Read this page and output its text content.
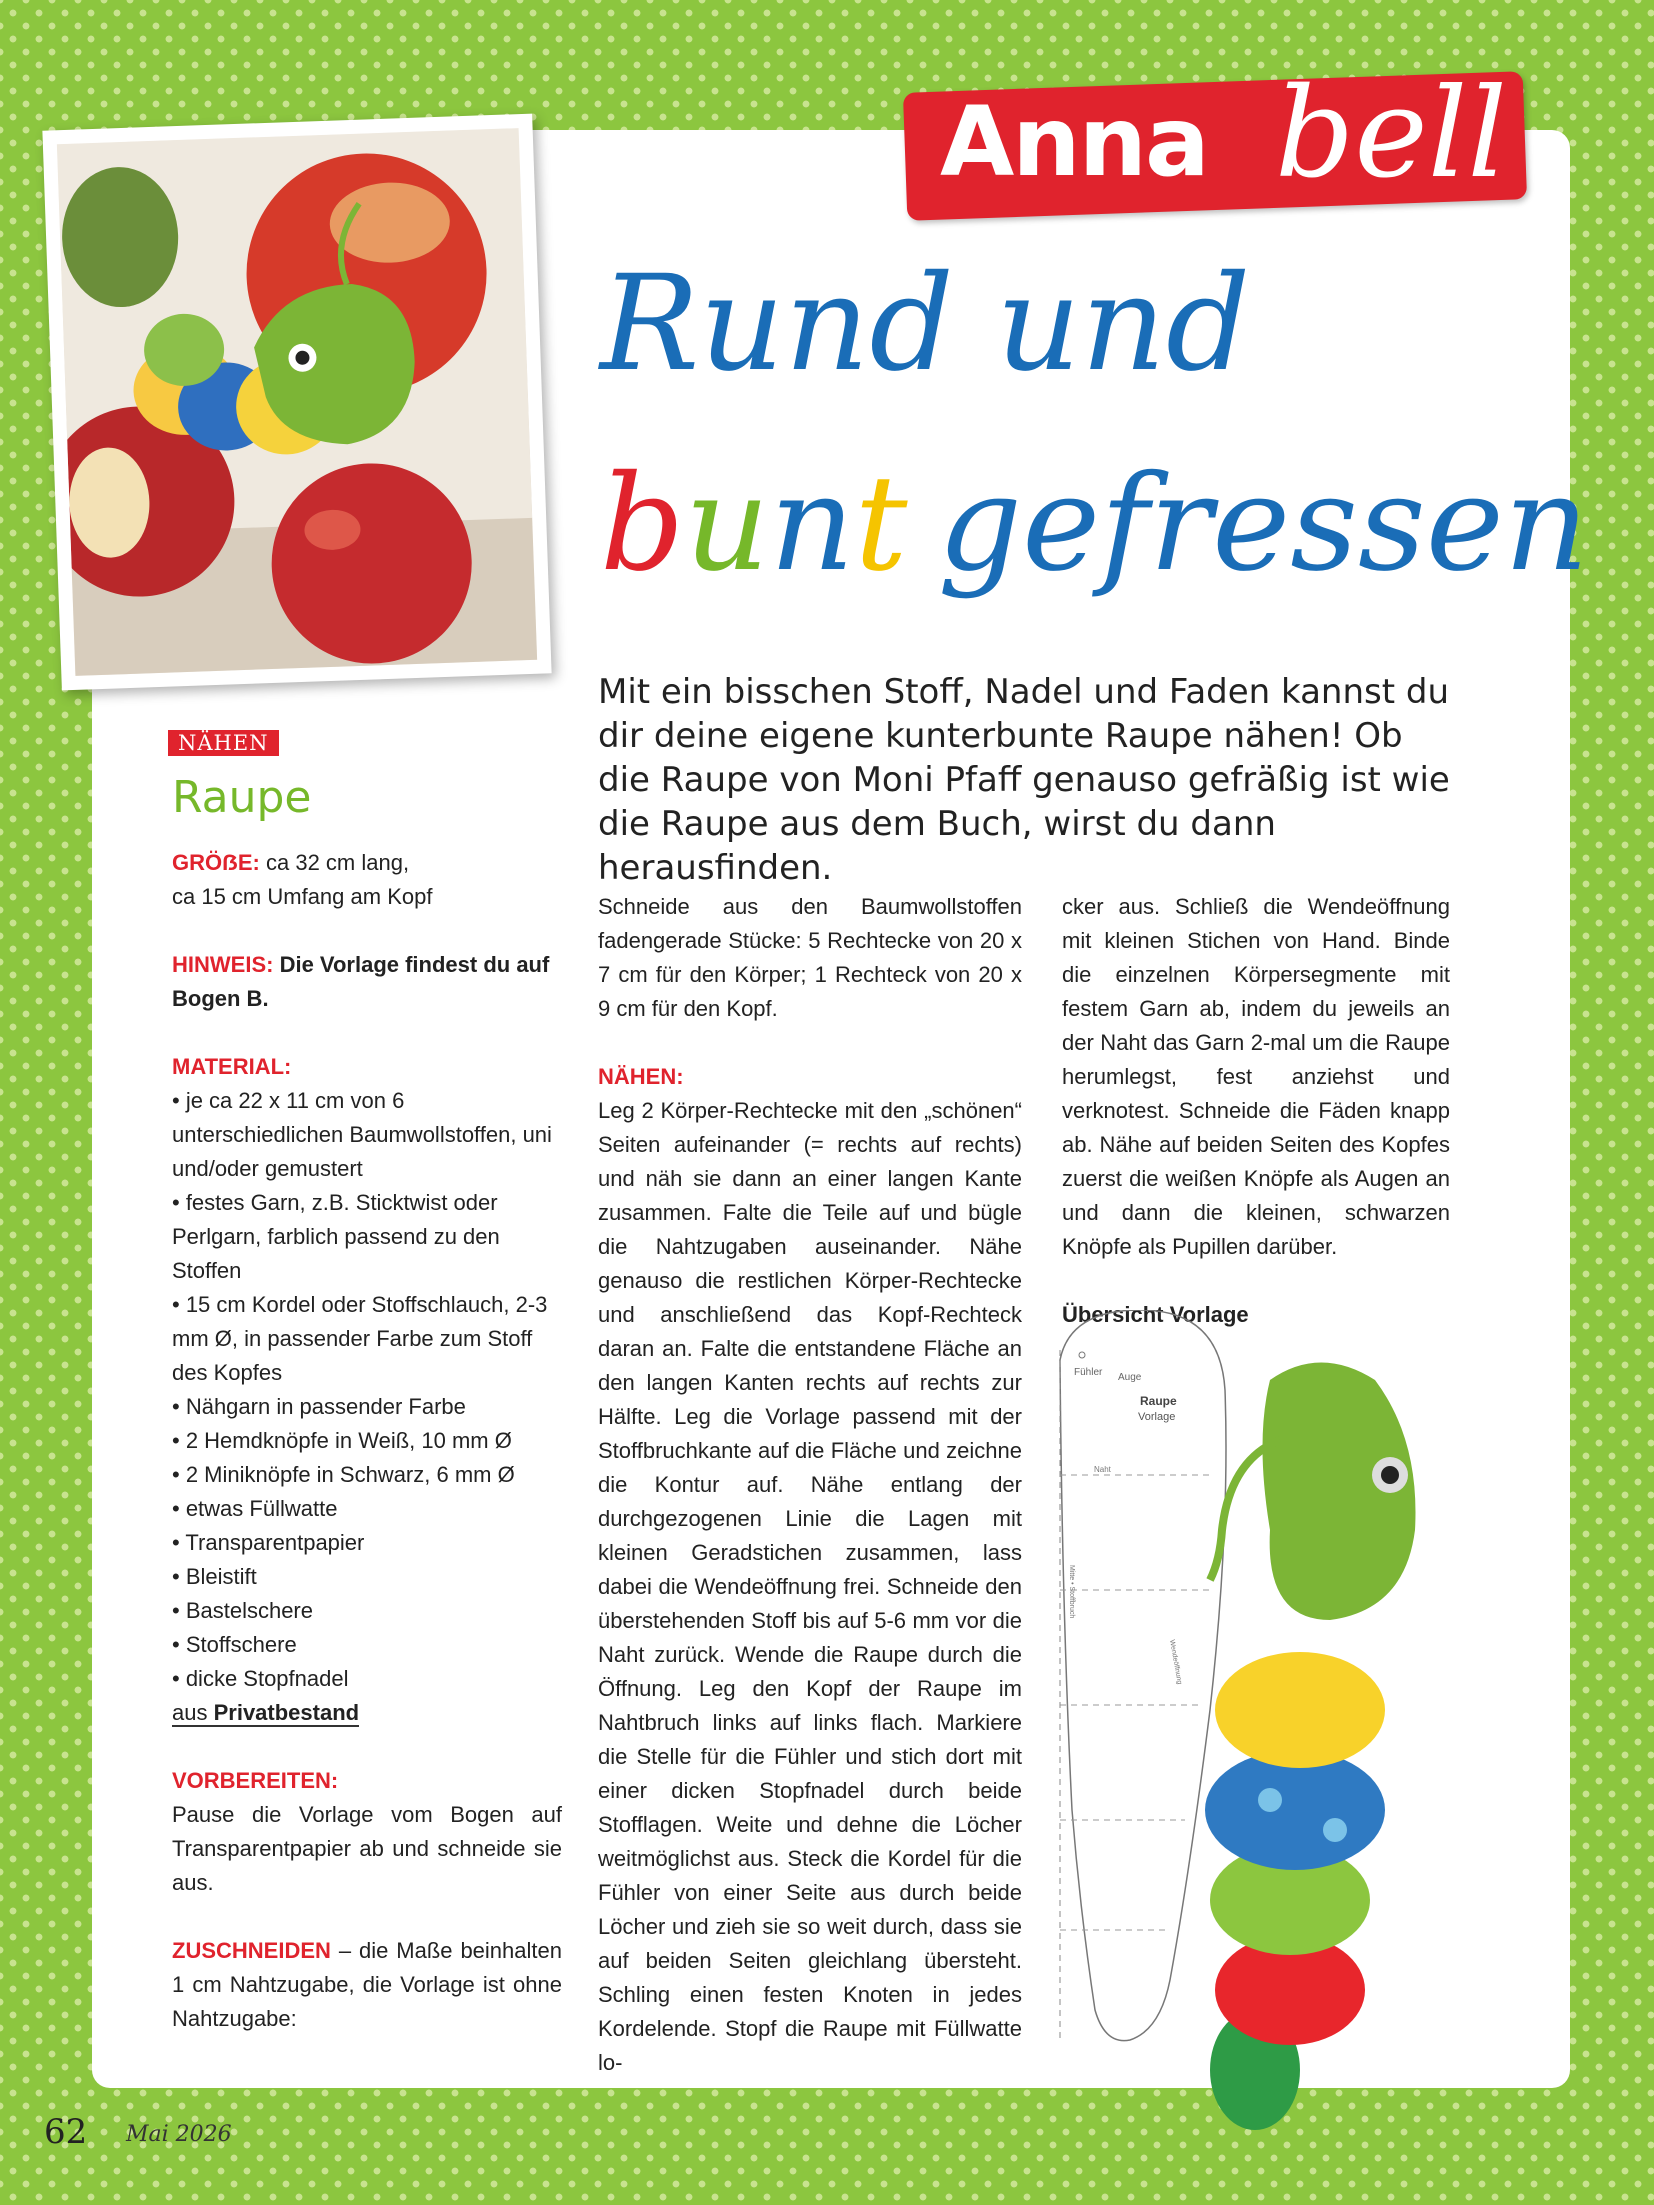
Anna bell
Rund und
bunt gefressen
Mit ein bisschen Stoff, Nadel und Faden kannst du dir deine eigene kunterbunte Raupe nähen! Ob die Raupe von Moni Pfaff genauso gefräßig ist wie die Raupe aus dem Buch, wirst du dann herausfinden.
NÄHEN
Raupe

GRÖẞE: ca 32 cm lang,

ca 15 cm Umfang am Kopf

HINWEIS: Die Vorlage findest du auf Bogen B.

MATERIAL:

• je ca 22 x 11 cm von 6 unterschiedlichen Baumwollstoffen, uni und/oder gemustert

• festes Garn, z.B. Sticktwist oder Perlgarn, farblich passend zu den Stoffen

• 15 cm Kordel oder Stoffschlauch, 2-3 mm Ø, in passender Farbe zum Stoff des Kopfes

• Nähgarn in passender Farbe

• 2 Hemdknöpfe in Weiß, 10 mm Ø

• 2 Miniknöpfe in Schwarz, 6 mm Ø

• etwas Füllwatte

• Transparentpapier

• Bleistift

• Bastelschere

• Stoffschere

• dicke Stopfnadel

aus Privatbestand

VORBEREITEN:

Pause die Vorlage vom Bogen auf Transparentpapier ab und schneide sie aus.

ZUSCHNEIDEN – die Maße beinhalten 1 cm Nahtzugabe, die Vorlage ist ohne Nahtzugabe:

Schneide aus den Baumwollstoffen fadengerade Stücke: 5 Rechtecke von 20 x 7 cm für den Körper; 1 Rechteck von 20 x 9 cm für den Kopf.

NÄHEN:

Leg 2 Körper-Rechtecke mit den „schönen“ Seiten aufeinander (= rechts auf rechts) und näh sie dann an einer langen Kante zusammen. Falte die Teile auf und bügle die Nahtzugaben auseinander. Nähe genauso die restlichen Körper-Rechtecke und anschließend das Kopf-Rechteck daran an. Falte die entstandene Fläche an den langen Kanten rechts auf rechts zur Hälfte. Leg die Vorlage passend mit der Stoffbruchkante auf die Fläche und zeichne die Kontur auf. Nähe entlang der durchgezogenen Linie die Lagen mit kleinen Geradstichen zusammen, lass dabei die Wendeöffnung frei. Schneide den überstehenden Stoff bis auf 5-6 mm vor die Naht zurück. Wende die Raupe durch die Öffnung. Leg den Kopf der Raupe im Nahtbruch links auf links flach. Markiere die Stelle für die Fühler und stich dort mit einer dicken Stopfnadel durch beide Stofflagen. Weite und dehne die Löcher weitmöglichst aus. Steck die Kordel für die Fühler von einer Seite aus durch beide Löcher und zieh sie so weit durch, dass sie auf beiden Seiten gleichlang übersteht. Schling einen festen Knoten in jedes Kordelende. Stopf die Raupe mit Füllwatte lo-

cker aus. Schließ die Wendeöffnung mit kleinen Stichen von Hand. Binde die einzelnen Körpersegmente mit festem Garn ab, indem du jeweils an der Naht das Garn 2-mal um die Raupe herumlegst, fest anziehst und verknotest. Schneide die Fäden knapp ab. Nähe auf beiden Seiten des Kopfes zuerst die weißen Knöpfe als Augen an und dann die kleinen, schwarzen Knöpfe als Pupillen darüber.

Übersicht Vorlage

Fühler Auge
Raupe
Vorlage
Naht
Mitte • Stoffbruch
Wendeöffnung
62 Mai 2026
